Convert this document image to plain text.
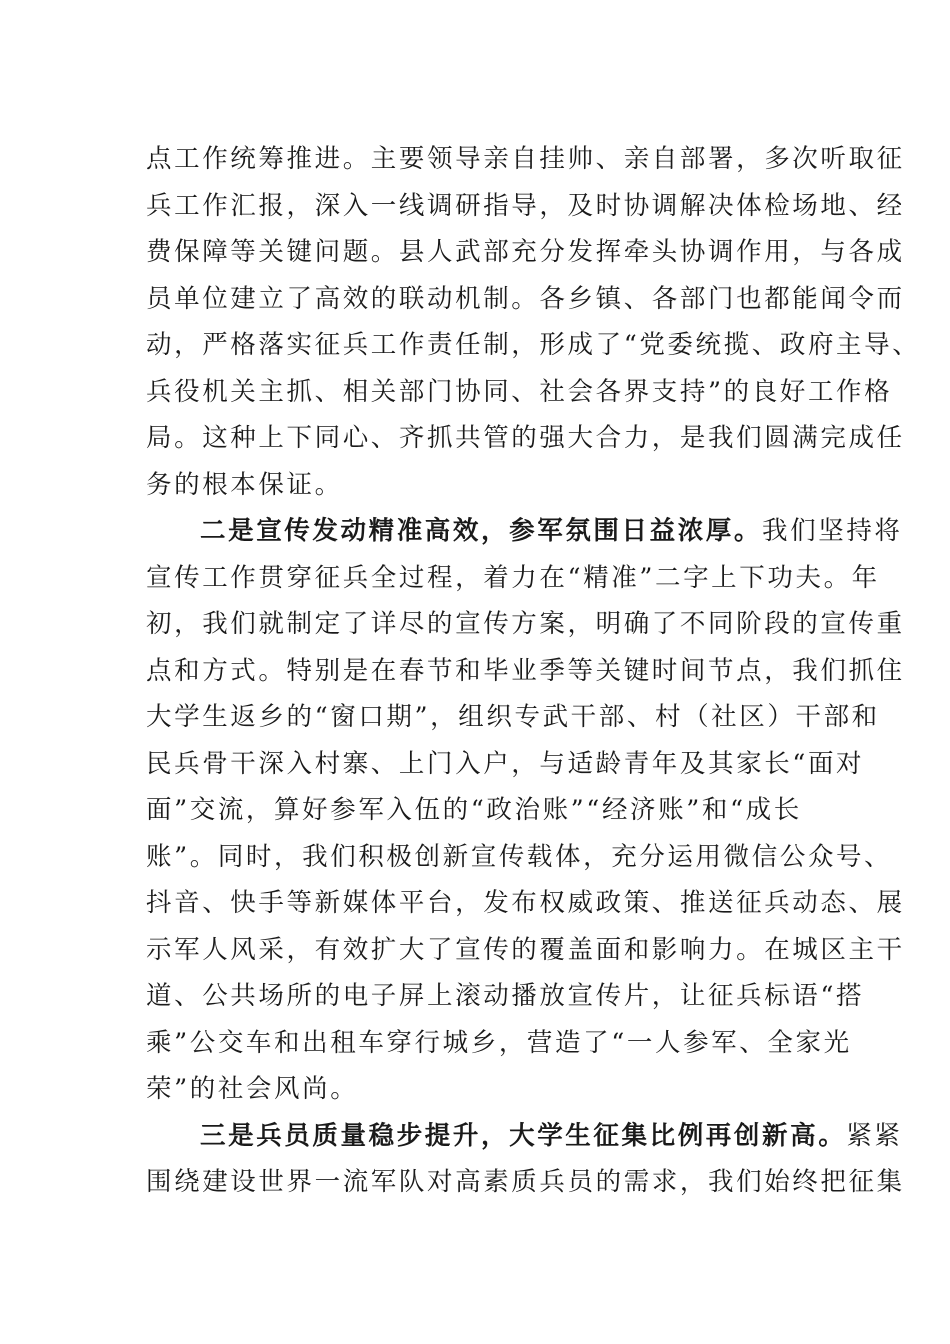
点工作统筹推进。主要领导亲自挂帅、亲自部署，多次听取征
兵工作汇报，深入一线调研指导，及时协调解决体检场地、经
费保障等关键问题。县人武部充分发挥牵头协调作用，与各成
员单位建立了高效的联动机制。各乡镇、各部门也都能闻令而
动，严格落实征兵工作责任制，形成了“党委统揽、政府主导、
兵役机关主抓、相关部门协同、社会各界支持”的良好工作格
局。这种上下同心、齐抓共管的强大合力，是我们圆满完成任
务的根本保证。
二是宣传发动精准高效，参军氛围日益浓厚。我们坚持将
宣传工作贯穿征兵全过程，着力在“精准”二字上下功夫。年
初，我们就制定了详尽的宣传方案，明确了不同阶段的宣传重
点和方式。特别是在春节和毕业季等关键时间节点，我们抓住
大学生返乡的“窗口期”，组织专武干部、村（社区）干部和
民兵骨干深入村寨、上门入户，与适龄青年及其家长“面对
面”交流，算好参军入伍的“政治账”“经济账”和“成长
账”。同时，我们积极创新宣传载体，充分运用微信公众号、
抖音、快手等新媒体平台，发布权威政策、推送征兵动态、展
示军人风采，有效扩大了宣传的覆盖面和影响力。在城区主干
道、公共场所的电子屏上滚动播放宣传片，让征兵标语“搭
乘”公交车和出租车穿行城乡，营造了“一人参军、全家光
荣”的社会风尚。
三是兵员质量稳步提升，大学生征集比例再创新高。紧紧
围绕建设世界一流军队对高素质兵员的需求，我们始终把征集
